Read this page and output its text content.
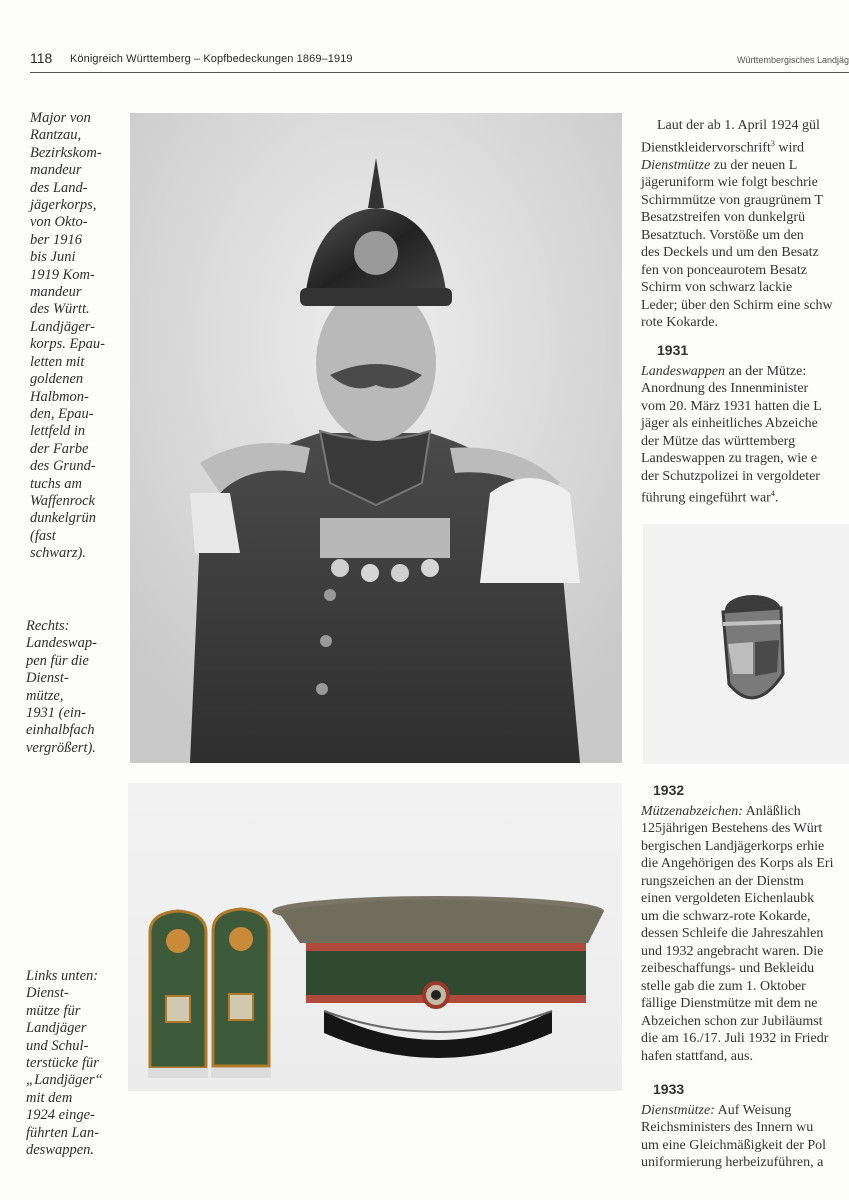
118 Königreich Württemberg – Kopfbedeckungen 1869–1919	Württembergisches Landjäg
Major von
Rantzau,
Bezirkskom-
mandeur
des Land-
jägerkorps,
von Okto-
ber 1916
bis Juni
1919 Kom-
mandeur
des Württ.
Landjäger-
korps. Epau-
letten mit
goldenen
Halbmon-
den, Epau-
lettfeld in
der Farbe
des Grund-
tuchs am
Waffenrock
dunkelgrün
(fast
schwarz).
Rechts:
Landeswap-
pen für die
Dienst-
mütze,
1931 (ein-
einhalbfach
vergrößert).
Links unten:
Dienst-
mütze für
Landjäger
und Schul-
terstücke für
„Landjäger“
mit dem
1924 einge-
führten Lan-
deswappen.
Laut der ab 1. April 1924 gül
Dienstkleidervorschrift$^3$ wird
Dienstmütze zu der neuen L
jägeruniform wie folgt beschrie
Schirmmütze von graugrünem T
Besatzstreifen von dunkelgrü
Besatztuch. Vorstöße um den
des Deckels und um den Besatz
fen von ponceaurotem Besatz
Schirm von schwarz lackie
Leder; über den Schirm eine schw
rote Kokarde.
1931
Landeswappen an der Mütze:
Anordnung des Innenminister
vom 20. März 1931 hatten die L
jäger als einheitliches Abzeiche
der Mütze das württemberg
Landeswappen zu tragen, wie e
der Schutzpolizei in vergoldeter
führung eingeführt war$^4$.
1932
Mützenabzeichen: Anläßlich
125jährigen Bestehens des Würt
bergischen Landjägerkorps erhie
die Angehörigen des Korps als Eri
rungszeichen an der Dienstm
einen vergoldeten Eichenlaubk
um die schwarz-rote Kokarde,
dessen Schleife die Jahreszahlen
und 1932 angebracht waren. Die
zeibeschaffungs- und Bekleidu
stelle gab die zum 1. Oktober
fällige Dienstmütze mit dem ne
Abzeichen schon zur Jubiläumst
die am 16./17. Juli 1932 in Friedr
hafen stattfand, aus.
1933
Dienstmütze: Auf Weisung
Reichsministers des Innern wu
um eine Gleichmäßigkeit der Pol
uniformierung herbeizuführen, a
